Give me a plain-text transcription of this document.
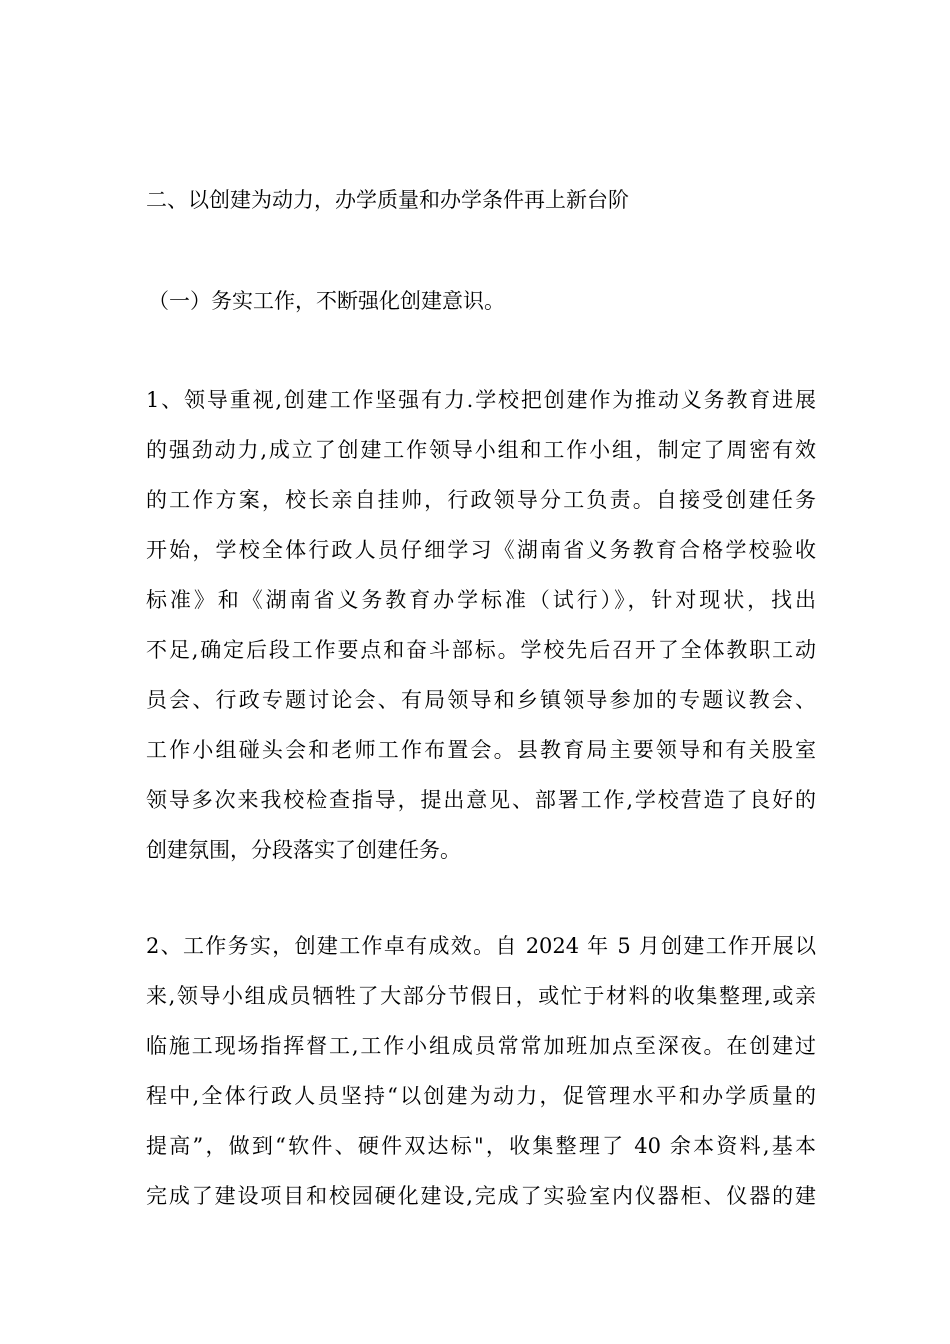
二、以创建为动力，办学质量和办学条件再上新台阶
（一）务实工作，不断强化创建意识。
1、领导重视,创建工作坚强有力.学校把创建作为推动义务教育进展
的强劲动力,成立了创建工作领导小组和工作小组，制定了周密有效
的工作方案，校长亲自挂帅，行政领导分工负责。自接受创建任务
开始，学校全体行政人员仔细学习《湖南省义务教育合格学校验收
标准》和《湖南省义务教育办学标准（试行）》，针对现状，找出
不足,确定后段工作要点和奋斗部标。学校先后召开了全体教职工动
员会、行政专题讨论会、有局领导和乡镇领导参加的专题议教会、
工作小组碰头会和老师工作布置会。县教育局主要领导和有关股室
领导多次来我校检查指导，提出意见、部署工作,学校营造了良好的
创建氛围，分段落实了创建任务。
2、工作务实，创建工作卓有成效。自 2024 年 5 月创建工作开展以
来,领导小组成员牺牲了大部分节假日，或忙于材料的收集整理,或亲
临施工现场指挥督工,工作小组成员常常加班加点至深夜。在创建过
程中,全体行政人员坚持“以创建为动力，促管理水平和办学质量的
提高”，做到“软件、硬件双达标"，收集整理了 40 余本资料,基本
完成了建设项目和校园硬化建设,完成了实验室内仪器柜、仪器的建
